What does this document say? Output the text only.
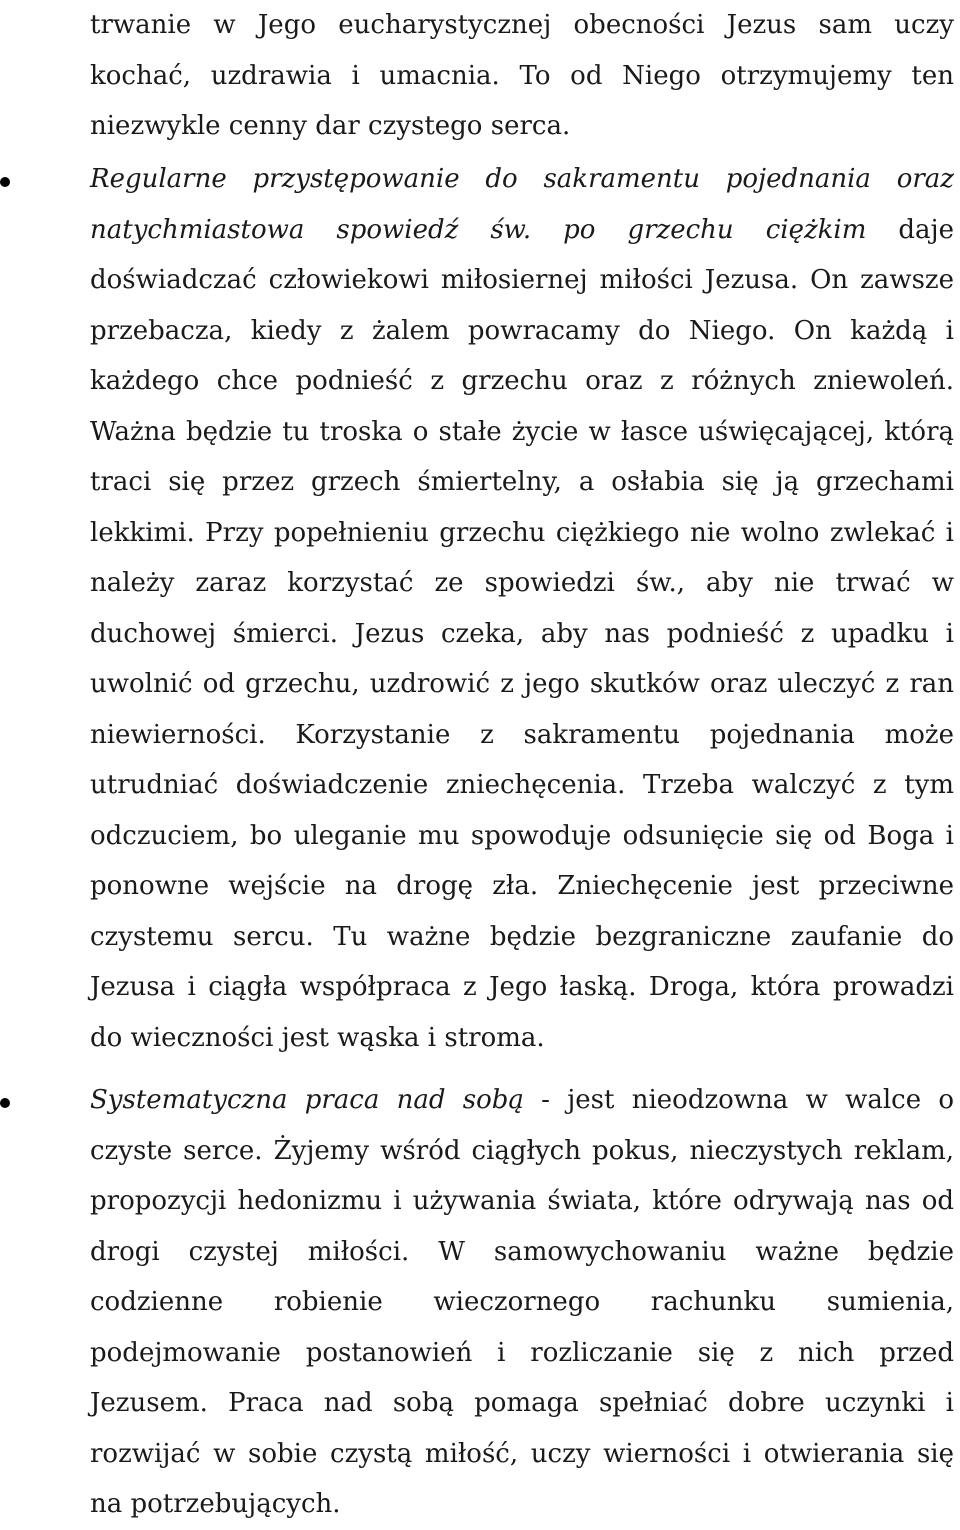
trwanie w Jego eucharystycznej obecności Jezus sam uczy kochać, uzdrawia i umacnia. To od Niego otrzymujemy ten niezwykle cenny dar czystego serca.

Regularne przystępowanie do sakramentu pojednania oraz natychmiastowa spowiedź św. po grzechu ciężkim daje doświadczać człowiekowi miłosiernej miłości Jezusa. On zawsze przebacza, kiedy z żalem powracamy do Niego. On każdą i każdego chce podnieść z grzechu oraz z różnych zniewoleń. Ważna będzie tu troska o stałe życie w łasce uświęcającej, którą traci się przez grzech śmiertelny, a osłabia się ją grzechami lekkimi. Przy popełnieniu grzechu ciężkiego nie wolno zwlekać i należy zaraz korzystać ze spowiedzi św., aby nie trwać w duchowej śmierci. Jezus czeka, aby nas podnieść z upadku i uwolnić od grzechu, uzdrowić z jego skutków oraz uleczyć z ran niewierności. Korzystanie z sakramentu pojednania może utrudniać doświadczenie zniechęcenia. Trzeba walczyć z tym odczuciem, bo uleganie mu spowoduje odsunięcie się od Boga i ponowne wejście na drogę zła. Zniechęcenie jest przeciwne czystemu sercu. Tu ważne będzie bezgraniczne zaufanie do Jezusa i ciągła współpraca z Jego łaską. Droga, która prowadzi do wieczności jest wąska i stroma.

Systematyczna praca nad sobą - jest nieodzowna w walce o czyste serce. Żyjemy wśród ciągłych pokus, nieczystych reklam, propozycji hedonizmu i używania świata, które odrywają nas od drogi czystej miłości. W samowychowaniu ważne będzie codzienne robienie wieczornego rachunku sumienia, podejmowanie postanowień i rozliczanie się z nich przed Jezusem. Praca nad sobą pomaga spełniać dobre uczynki i rozwijać w sobie czystą miłość, uczy wierności i otwierania się na potrzebujących.
